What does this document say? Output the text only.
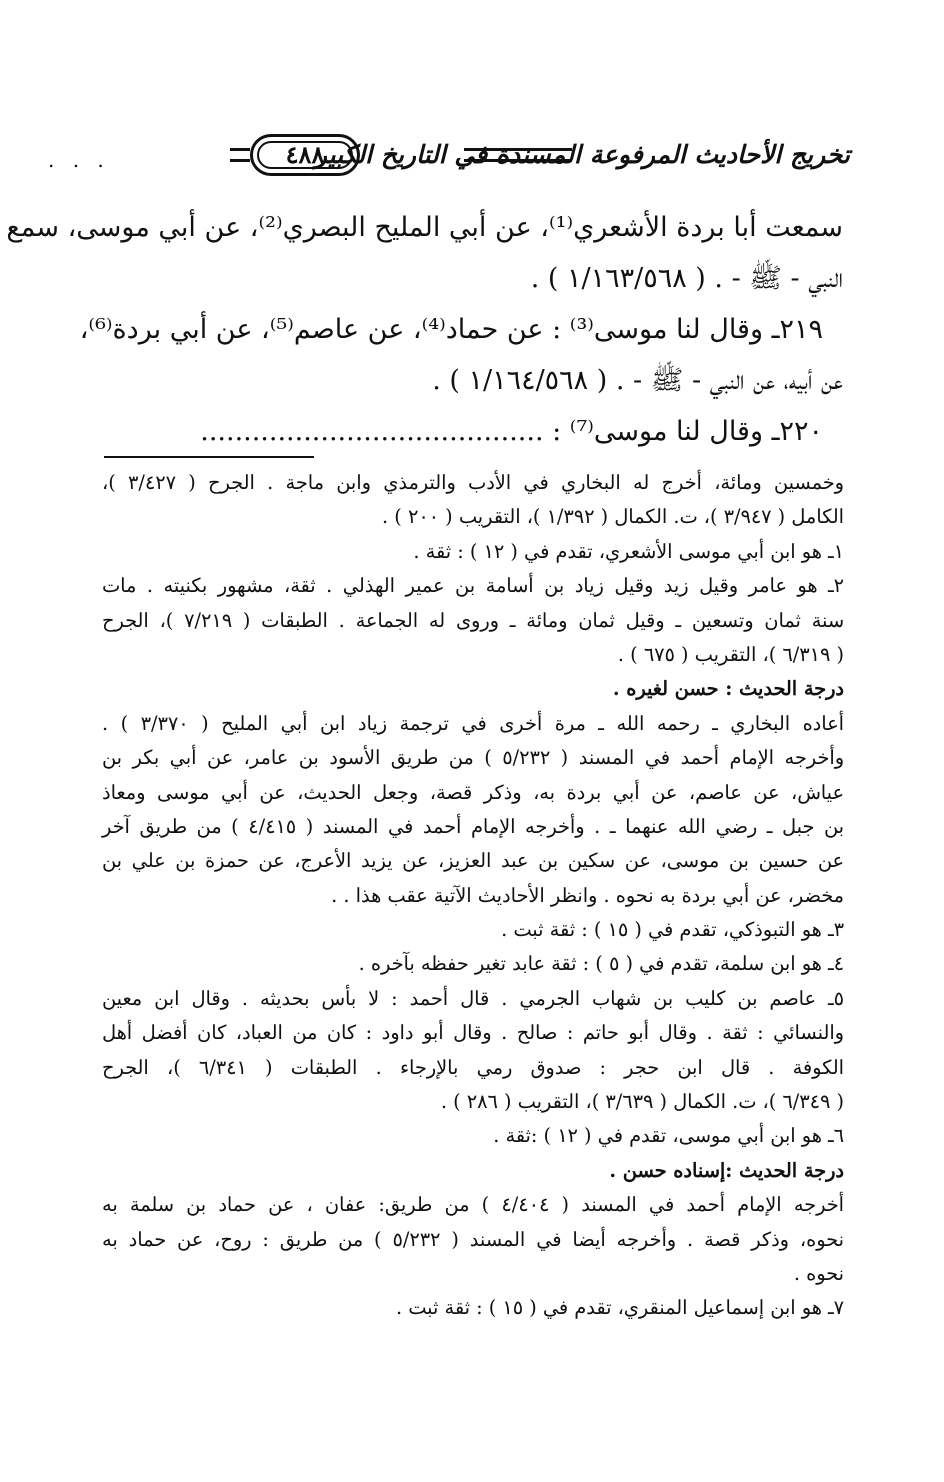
تخريج الأحاديث المرفوعة المسندة في التاريخ الكبير
٤٨٨
. . .
سمعت أبا بردة الأشعري⁽¹⁾، عن أبي المليح البصري⁽²⁾، عن أبي موسى، سمع
النبي - ﷺ - . ( ١/١٦٣/٥٦٨ ) .
٢١٩ـ وقال لنا موسى⁽³⁾ : عن حماد⁽⁴⁾، عن عاصم⁽⁵⁾، عن أبي بردة⁽⁶⁾،
عن أبيه، عن النبي - ﷺ - . ( ١/١٦٤/٥٦٨ ) .
٢٢٠ـ وقال لنا موسى⁽⁷⁾ : ........................................
وخمسين ومائة، أخرج له البخاري في الأدب والترمذي وابن ماجة . الجرح ( ٣/٤٢٧ )،
الكامل ( ٣/٩٤٧ )، ت. الكمال ( ١/٣٩٢ )، التقريب ( ٢٠٠ ) .
١ـ هو ابن أبي موسى الأشعري، تقدم في ( ١٢ ) : ثقة .
٢ـ هو عامر وقيل زيد وقيل زياد بن أسامة بن عمير الهذلي . ثقة، مشهور بكنيته . مات
سنة ثمان وتسعين ـ وقيل ثمان ومائة ـ وروى له الجماعة . الطبقات ( ٧/٢١٩ )، الجرح
( ٦/٣١٩ )، التقريب ( ٦٧٥ ) .
درجة الحديث : حسن لغيره .
أعاده البخاري ـ رحمه الله ـ مرة أخرى في ترجمة زياد ابن أبي المليح ( ٣/٣٧٠ ) .
وأخرجه الإمام أحمد في المسند ( ٥/٢٣٢ ) من طريق الأسود بن عامر، عن أبي بكر بن
عياش، عن عاصم، عن أبي بردة به، وذكر قصة، وجعل الحديث، عن أبي موسى ومعاذ
بن جبل ـ رضي الله عنهما ـ . وأخرجه الإمام أحمد في المسند ( ٤/٤١٥ ) من طريق آخر
عن حسين بن موسى، عن سكين بن عبد العزيز، عن يزيد الأعرج، عن حمزة بن علي بن
مخضر، عن أبي بردة به نحوه . وانظر الأحاديث الآتية عقب هذا . .
٣ـ هو التبوذكي، تقدم في ( ١٥ ) : ثقة ثبت .
٤ـ هو ابن سلمة، تقدم في ( ٥ ) : ثقة عابد تغير حفظه بآخره .
٥ـ عاصم بن كليب بن شهاب الجرمي . قال أحمد : لا بأس بحديثه . وقال ابن معين
والنسائي : ثقة . وقال أبو حاتم : صالح . وقال أبو داود : كان من العباد، كان أفضل أهل
الكوفة . قال ابن حجر : صدوق رمي بالإرجاء . الطبقات ( ٦/٣٤١ )، الجرح
( ٦/٣٤٩ )، ت. الكمال ( ٣/٦٣٩ )، التقريب ( ٢٨٦ ) .
٦ـ هو ابن أبي موسى، تقدم في ( ١٢ ) :ثقة .
درجة الحديث :إسناده حسن .
أخرجه الإمام أحمد في المسند ( ٤/٤٠٤ ) من طريق: عفان ، عن حماد بن سلمة به
نحوه، وذكر قصة . وأخرجه أيضا في المسند ( ٥/٢٣٢ ) من طريق : روح، عن حماد به
نحوه .
٧ـ هو ابن إسماعيل المنقري، تقدم في ( ١٥ ) : ثقة ثبت .
